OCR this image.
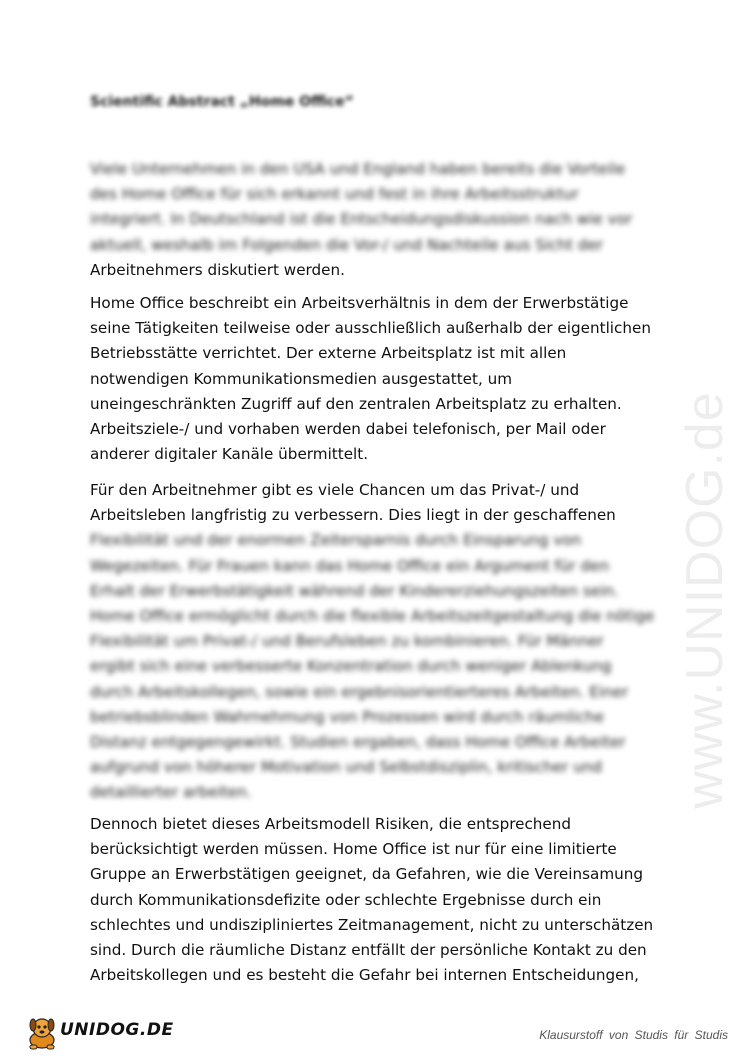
Scientific Abstract „Home Office“
Viele Unternehmen in den USA und England haben bereits die Vorteile
des Home Office für sich erkannt und fest in ihre Arbeitsstruktur
integriert. In Deutschland ist die Entscheidungsdiskussion nach wie vor
aktuell, weshalb im Folgenden die Vor-/ und Nachteile aus Sicht der
Arbeitnehmers diskutiert werden.
Home Office beschreibt ein Arbeitsverhältnis in dem der Erwerbstätige
seine Tätigkeiten teilweise oder ausschließlich außerhalb der eigentlichen
Betriebsstätte verrichtet. Der externe Arbeitsplatz ist mit allen
notwendigen Kommunikationsmedien ausgestattet, um
uneingeschränkten Zugriff auf den zentralen Arbeitsplatz zu erhalten.
Arbeitsziele-/ und vorhaben werden dabei telefonisch, per Mail oder
anderer digitaler Kanäle übermittelt.
Für den Arbeitnehmer gibt es viele Chancen um das Privat-/ und
Arbeitsleben langfristig zu verbessern. Dies liegt in der geschaffenen
Flexibilität und der enormen Zeitersparnis durch Einsparung von
Wegezeiten. Für Frauen kann das Home Office ein Argument für den
Erhalt der Erwerbstätigkeit während der Kindererziehungszeiten sein.
Home Office ermöglicht durch die flexible Arbeitszeitgestaltung die nötige
Flexibilität um Privat-/ und Berufsleben zu kombinieren. Für Männer
ergibt sich eine verbesserte Konzentration durch weniger Ablenkung
durch Arbeitskollegen, sowie ein ergebnisorientierteres Arbeiten. Einer
betriebsblinden Wahrnehmung von Prozessen wird durch räumliche
Distanz entgegengewirkt. Studien ergaben, dass Home Office Arbeiter
aufgrund von höherer Motivation und Selbstdisziplin, kritischer und
detaillierter arbeiten.
Dennoch bietet dieses Arbeitsmodell Risiken, die entsprechend
berücksichtigt werden müssen. Home Office ist nur für eine limitierte
Gruppe an Erwerbstätigen geeignet, da Gefahren, wie die Vereinsamung
durch Kommunikationsdefizite oder schlechte Ergebnisse durch ein
schlechtes und undiszipliniertes Zeitmanagement, nicht zu unterschätzen
sind. Durch die räumliche Distanz entfällt der persönliche Kontakt zu den
Arbeitskollegen und es besteht die Gefahr bei internen Entscheidungen,
www.UNIDOG.de
UNIDOG.DE	Klausurstoff von Studis für Studis
